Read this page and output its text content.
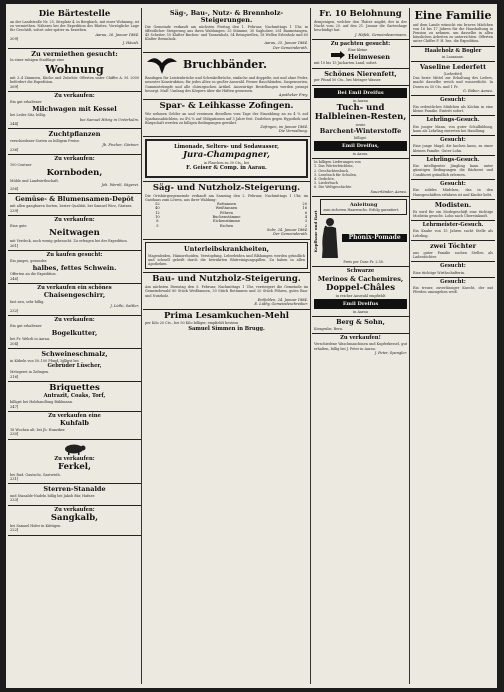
Die Bärtestelle
an der Landstraße Nr. 25, Sitzplatz 4, in Bergbach, mit einer Wohnung, ist zu vermiethen. Näheres bei der Expedition des Blattes. Vorzügliche Lage für Geschäft, sofort oder später zu beziehen.
Aarau, 26. Januar 1884.
209]
J. Häusli.
Zu vermiethen gesucht:
In einer ruhigen Stadtlage eine
Wohnung
mit 3–4 Zimmern, Küche und Zubehör. Offerten unter Chiffre A. M. 2000 befördert die Expedition.
269]
Zu verkaufen:
Ein gut erhaltener
Milchwagen mit Kessel
bei Leder Sitz, billig.
bei Samuel Hitzig in Unterkulm.
244]
Zuchtpflanzen
verschiedener Sorten zu billigem Preise.
Jb. Fischer, Gärtner.
236]
Zu verkaufen:
100 Centner
Kornboden,
Mühle und Landwirthschaft.
Joh. Wernli, Sägerei.
256]
Gemüse- & Blumensamen-Depôt
mit allen gangbaren Sorten, bester Qualität, bei Samuel Wirz, Gärtner.
239]
Zu verkaufen:
Eine gute
Neitwagen
mit Verdeck, noch wenig gebraucht. Zu erfragen bei der Expedition.
261]
Zu kaufen gesucht:
Ein junges, gesundes
halbes, fettes Schwein.
Offerten an die Expedition.
246]
Zu verkaufen ein schönes
Chaisengeschirr,
fast neu, sehr billig.
J. Lüthi, Sattler.
232]
Zu verkaufen:
Ein gut erhaltener
Bogelkutter,
bei Fr. Wehrli in Aarau.
204]
Schweineschmalz,
in Kübeln von 50–100 Pfund, billigst bei
Gebrüder Lüscher,
Metzgerei in Zofingen.
216]
Briquettes
Antrazit, Coaks, Torf,
billigst bei Holzhandlung Bühlmann.
247]
Zu verkaufen eine
Kuhfalb
16 Wochen alt, bei Jb. Hunziker.
230]
Zu verkaufen:
Ferkel,
bei Rud. Gautschi, Gastwirth.
231]
Sterren-Stanalde
und Stanalde-Nadeln billig bei Jakob Bär, Hafner.
233]
Zu verkaufen:
Sangkalb,
bei Samuel Hofer in Küttigen.
222]
Säg-, Bau-, Nutz- & Brennholz-Steigerungen.
Die Gemeinde verkauft am nächsten Freitag den 1. Februar, Nachmittags 1 Uhr, in öffentlicher Steigerung aus ihren Waldungen: 25 Stämme, 30 Sagholzer, 261 Baumstangen, 45 Scheiter, 10 Klafter Buchen- und Tannenholz, 54 Reisigwellen, 18 Wellen Erlenholz und 60 Klafter Brennholz.
Aarau, 25. Januar 1884.
Der Gemeinderath.
Bruchbänder.
Bandagen für Leistenbrüche und Schenkelbrüche, einfache und doppelte, mit und ohne Feder, neuester Konstruktion, für jedes Alter, in großer Auswahl. Ferner Bauchbinden, Suspensorien, Gummistrümpfe und alle chirurgischen Artikel. Auswärtige Bestellungen werden prompt besorgt. Maß: Umfang des Körpers über die Hüften gemessen.
Apotheker Frey.
Spar- & Leihkasse Zofingen.
Wir nehmen Gelder an und verzinsen dieselben vom Tage der Einzahlung an zu 4 % auf Sparkassabüchlein, zu 4¼ % auf Obligationen auf 3 Jahre fest. Darlehen gegen Hypothek und Bürgschaft werden zu billigen Bedingungen gewährt.
Zofingen, im Januar 1884.
Die Verwaltung.
Limonade, Selters- und Sodawasser,
Jura-Champagner,
in Flaschen zu 30 Cts., bei
F. Geiser & Comp. in Aarau.
Säg- und Nutzholz-Steigerung.
Die Ortsbürgergemeinde verkauft am Samstag den 2. Februar, Nachmittags 1 Uhr, im Gasthaus zum Löwen, aus ihrer Waldung:
52	Rottannen	20
40	Weißtannen	16
12	Föhren	6
10	Buchenstämme	4
8	Eichenstämme	3
5	Eschen	2
Suhr, 24. Januar 1884.
Der Gemeinderath.
Unterleibskrankheiten,
Magenleiden, Hämorrhoiden, Verstopfung, Leberleiden und Blähungen werden gründlich und schnell geheilt durch die bewährten Blutreinigungspillen. Zu haben in allen Apotheken.
Bau- und Nutzholz-Steigerung.
Am nächsten Dienstag den 5. Februar, Nachmittags 1 Uhr, versteigert die Gemeinde im Gemeindewald 80 Stück Weißtannen, 30 Stück Rottannen und 20 Stück Föhren, gutes Bau- und Nutzholz.
Entfelden, 24. Januar 1884.
E. Lüthy, Gemeindeschreiber.
Prima Lesamkuchen-Mehl
per Kilo 20 Cts., bei 50 Kilo billiger, empfiehlt bestens
Samuel Simmen in Brugg.
Fr. 10 Belohnung
demjenigen, welcher den Thäter angibt, der in der Nacht vom 20. auf den 21. Januar die Gartenhage beschädigt hat.
J. Häfeli, Gemeindeammann.
Zu pachten gesucht:
Eine kleine
Heimwesen
mit 10 bis 15 Jucharten Land, sofort.
Schönes Nierenfett,
per Pfund 50 Cts., bei Metzger Wasser.
Bei Emil Dreifus
in Aarau
Tuch- und Halbleinen-Resten,
sowie
Barchent-Winterstoffe
billigst.
Emil Dreifus,
in Aarau.
In billigen Lieferungen von
1. Das Wörterbüchlein,
2. Geschichtenbuch,
3. Lesebuch für Schulen,
4. Gedichte,
5. Liederbuch
6. Die Weltgeschichte
Sauerländer, Aarau.
Kopfhaar und Bart
Anleitung
zum sicheren Haarwuchs. Erfolg garantiert.
Phönix-Pomade
Preis per Dose Fr. 2.50.
Schwarze
Merinos & Cachemires,
Doppel-Châles
in reicher Auswahl empfiehlt
Emil Dreifus
in Aarau
Berg & Sohn,
Kiesgrube, Bern.
Zu verkaufen!
Verschiedene Waschmaschinen und Kupferkessel, gut erhalten, billig bei J. Peter in Aarau.
J. Peter, Spengler.
Eine Familie
auf dem Lande wünscht ein braves Mädchen von 16 bis 17 Jahren für die Haushaltung in Pension zu nehmen, um dasselbe in allen häuslichen Arbeiten zu unterrichten. Offerten unter Chiffre F. H. bes. die Expedition.
Haaleholz & Bogler
in Lausanne.
Vaseline Lederfett
(Lederfett)
Das beste Mittel zur Erhaltung des Leders, macht dasselbe weich und wasserdicht. In Dosen zu 50 Cts. und 1 Fr.
G. Räber, Aarau.
Gesucht:
Ein ordentliches Mädchen als Köchin in eine kleine Familie. Eintritt sofort.
Lehrlings-Gesuch.
Ein junger Mann, von guter Schulbildung, kann als Lehrling eintreten bei Handlung.
Gesucht:
Eine junge Magd, die kochen kann, zu einer kleinen Familie. Guter Lohn.
Lehrlings-Gesuch.
Ein intelligenter Jüngling kann unter günstigen Bedingungen die Bäckerei und Conditorei gründlich erlernen.
Gesucht:
Ein solides Mädchen, das in den Hausgeschäften erfahren ist und Kinder liebt.
Modisten.
Es wird für ein Modegeschäft eine tüchtige Modistin gesucht. Lohn nach Übereinkunft.
Lehrmeister-Gesuch.
Ein Knabe von 15 Jahren sucht Stelle als Lehrling.
zwei Töchter
aus guter Familie suchen Stellen als Ladentöchter.
Gesucht:
Eine tüchtige Wirthschafterin.
Gesucht:
Ein treuer, zuverlässiger Knecht, der mit Pferden umzugehen weiß.
